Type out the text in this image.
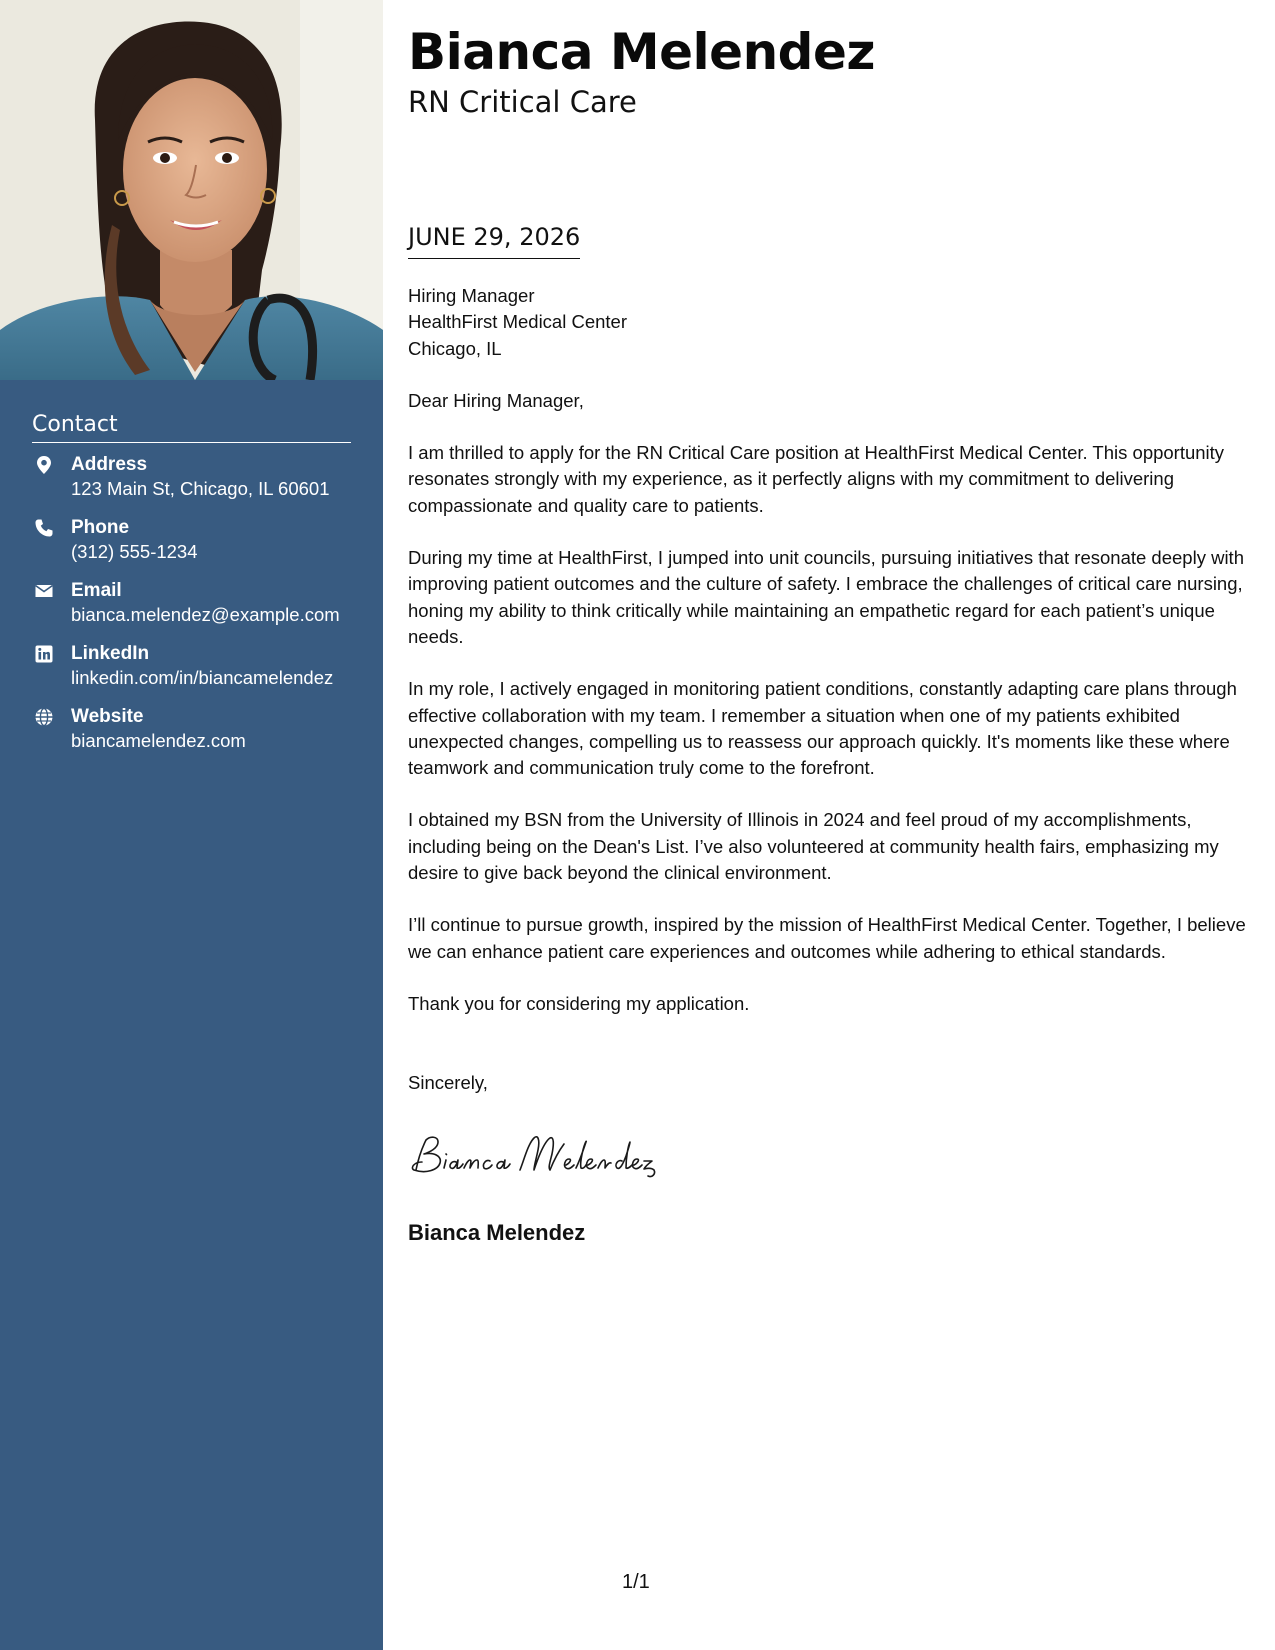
Contact
Address
123 Main St, Chicago, IL 60601
Phone
(312) 555-1234
Email
bianca.melendez@example.com
LinkedIn
linkedin.com/in/biancamelendez
Website
biancamelendez.com
Bianca Melendez
RN Critical Care
JUNE 29, 2026
Hiring Manager
HealthFirst Medical Center
Chicago, IL

Dear Hiring Manager,

I am thrilled to apply for the RN Critical Care position at HealthFirst Medical Center. This opportunity resonates strongly with my experience, as it perfectly aligns with my commitment to delivering compassionate and quality care to patients.

During my time at HealthFirst, I jumped into unit councils, pursuing initiatives that resonate deeply with improving patient outcomes and the culture of safety. I embrace the challenges of critical care nursing, honing my ability to think critically while maintaining an empathetic regard for each patient’s unique needs.

In my role, I actively engaged in monitoring patient conditions, constantly adapting care plans through effective collaboration with my team. I remember a situation when one of my patients exhibited unexpected changes, compelling us to reassess our approach quickly. It's moments like these where teamwork and communication truly come to the forefront.

I obtained my BSN from the University of Illinois in 2024 and feel proud of my accomplishments, including being on the Dean's List. I’ve also volunteered at community health fairs, emphasizing my desire to give back beyond the clinical environment.

I’ll continue to pursue growth, inspired by the mission of HealthFirst Medical Center. Together, I believe we can enhance patient care experiences and outcomes while adhering to ethical standards.

Thank you for considering my application.

Sincerely,

Bianca Melendez
1/1
